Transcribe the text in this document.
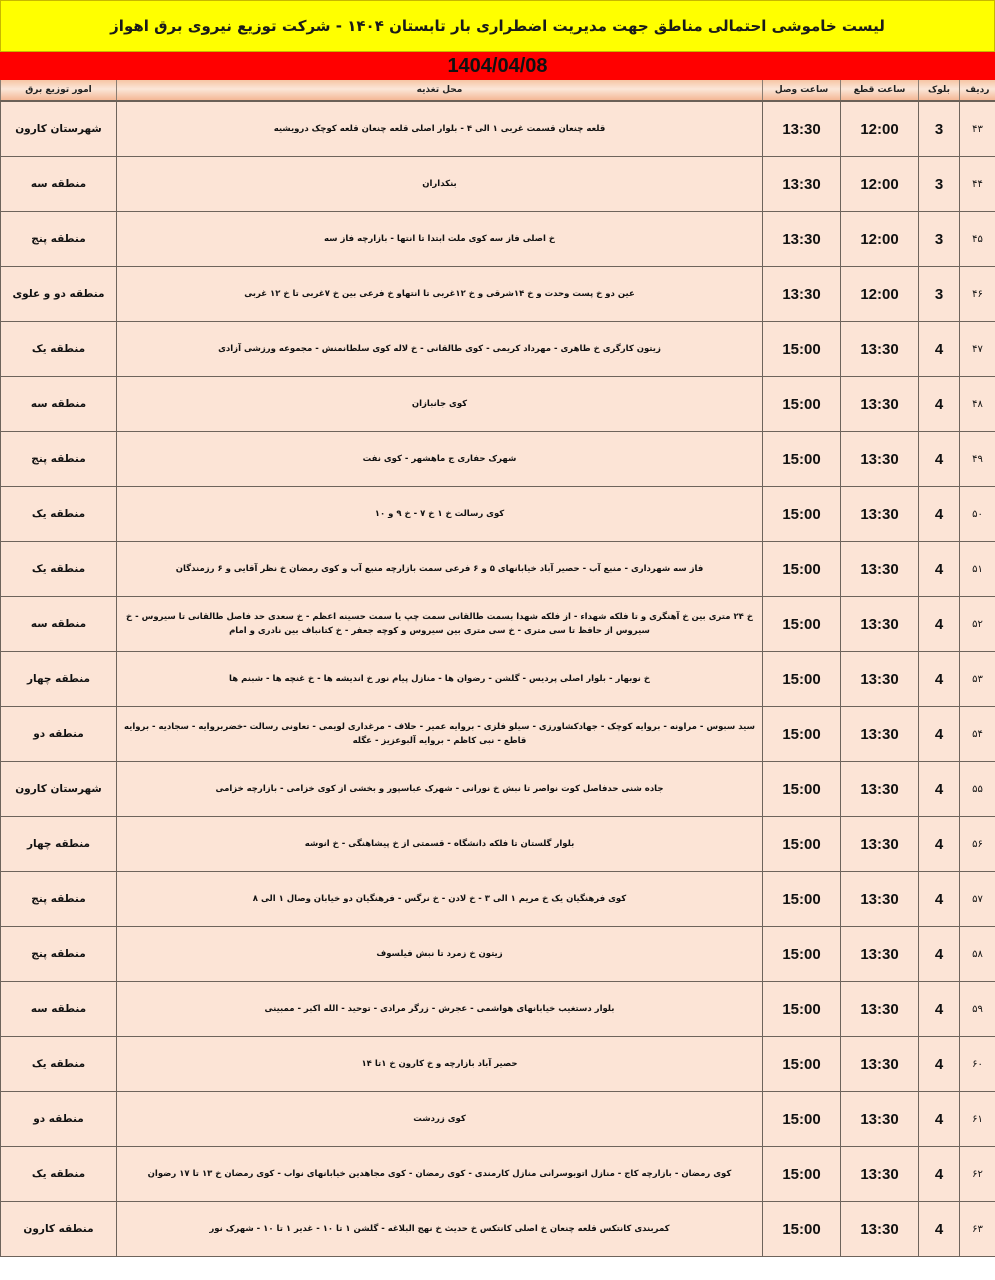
لیست خاموشی احتمالی مناطق جهت مدیریت اضطراری بار تابستان ۱۴۰۴ - شرکت توزیع نیروی برق اهواز
1404/04/08
ردیف	بلوک	ساعت قطع	ساعت وصل	محل تغذیه	امور توزیع برق
۴۳	3	12:00	13:30	قلعه چنعان قسمت غربی ۱ الی ۴ - بلوار اصلی قلعه چنعان قلعه کوچک درویشیه	شهرستان کارون
۴۴	3	12:00	13:30	بنکداران	منطقه سه
۴۵	3	12:00	13:30	خ اصلی فاز سه کوی ملت ابتدا تا انتها - بازارچه فاز سه	منطقه پنج
۴۶	3	12:00	13:30	عین دو خ پست وحدت و خ ۱۴شرقی و خ ۱۲غربی تا انتهاو خ فرعی بین خ ۷غربی تا خ ۱۲ غربی	منطقه دو و علوی
۴۷	4	13:30	15:00	زیتون کارگری خ طاهری - مهرداد کریمی - کوی طالقانی - خ لاله کوی سلطانمنش - مجموعه ورزشی آزادی	منطقه یک
۴۸	4	13:30	15:00	کوی جانبازان	منطقه سه
۴۹	4	13:30	15:00	شهرک حفاری ج ماهشهر - کوی نفت	منطقه پنج
۵۰	4	13:30	15:00	کوی رسالت خ ۱ خ ۷ - خ ۹ و ۱۰	منطقه یک
۵۱	4	13:30	15:00	فاز سه شهرداری - منبع آب - حصیر آباد خیابانهای ۵ و ۶ فرعی سمت بازارچه منبع آب و کوی رمضان خ نظر آقایی و ۶ رزمندگان	منطقه یک
۵۲	4	13:30	15:00	خ ۲۴ متری بین خ آهنگری و تا فلکه شهداء - از فلکه شهدا بسمت طالقانی سمت چپ یا سمت حسینه اعظم - خ سعدی حد فاصل طالقانی تا سیروس - خ سیروس از حافظ تا سی متری - خ سی متری بین سیروس و کوچه جعفر - خ کتانباف بین نادری و امام	منطقه سه
۵۳	4	13:30	15:00	خ نوبهار - بلوار اصلی پردیس - گلشن - رضوان ها - منازل پیام نور خ اندیشه ها - خ غنچه ها - شبنم ها	منطقه چهار
۵۴	4	13:30	15:00	سید سبوس - مراونه - بروایه کوچک - جهادکشاورزی - سیلو فلزی - بروایه عمیر - حلاف - مرغداری لویمی - تعاونی رسالت -خضربروایه - سجادیه - بروایه قاطع - نبی کاظم - بروایه آلبوعزیز - عگله	منطقه دو
۵۵	4	13:30	15:00	جاده شنی حدفاصل کوت نواصر تا نبش خ نورانی - شهرک عباسپور و بخشی از کوی خزامی - بازارچه خزامی	شهرستان کارون
۵۶	4	13:30	15:00	بلوار گلستان تا فلکه دانشگاه - قسمتی از خ پیشاهنگی - خ انوشه	منطقه چهار
۵۷	4	13:30	15:00	کوی فرهنگیان یک خ مریم ۱ الی ۳ - خ لادن - خ نرگس - فرهنگیان دو خیابان وصال ۱ الی ۸	منطقه پنج
۵۸	4	13:30	15:00	زیتون خ زمرد تا نبش فیلسوف	منطقه پنج
۵۹	4	13:30	15:00	بلوار دستغیب خیابانهای هواشمی - عجرش - زرگر مرادی - توحید - الله اکبر - ممبینی	منطقه سه
۶۰	4	13:30	15:00	حصیر آباد بازارچه و خ کارون خ ۱تا ۱۴	منطقه یک
۶۱	4	13:30	15:00	کوی زردشت	منطقه دو
۶۲	4	13:30	15:00	کوی رمضان - بازارچه کاج - منازل اتوبوسرانی منازل کارمندی - کوی رمضان - کوی مجاهدین خیابانهای نواب - کوی رمضان خ ۱۳ تا ۱۷ رضوان	منطقه یک
۶۳	4	13:30	15:00	کمربندی کانتکس قلعه چنعان خ اصلی کانتکس خ حدیث خ نهج البلاغه - گلشن ۱ تا ۱۰ - غدیر ۱ تا ۱۰ - شهرک نور	منطقه کارون
